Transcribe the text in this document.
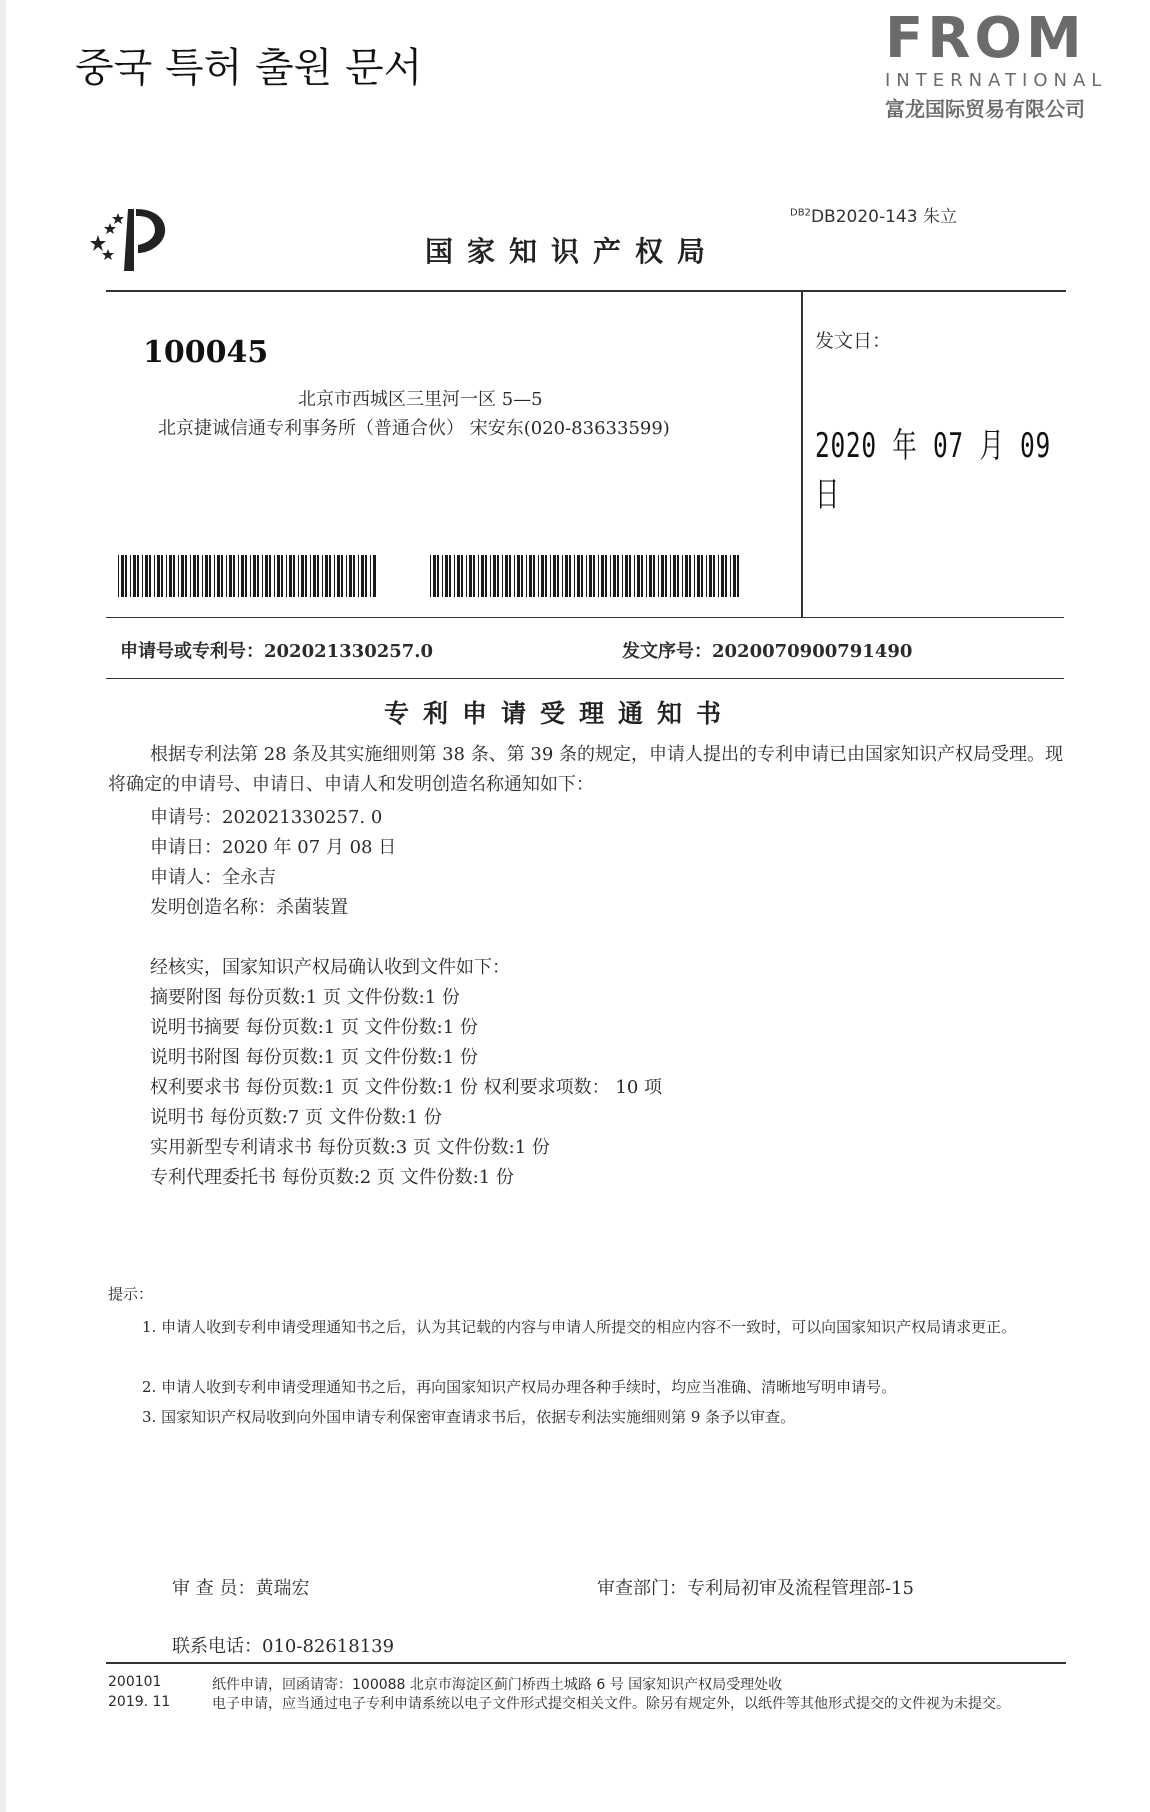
중국 특허 출원 문서	FROM
INTERNATIONAL
富龙国际贸易有限公司
$^{DB2}$DB2020-143 朱立
国家知识产权局
100045
北京市西城区三里河一区 5—5
北京捷诚信通专利事务所（普通合伙） 宋安东(020-83633599)
发文日：
2020 年 07 月 09 日
申请号或专利号：202021330257.0	发文序号：2020070900791490
专利申请受理通知书
根据专利法第 28 条及其实施细则第 38 条、第 39 条的规定，申请人提出的专利申请已由国家知识产权局受理。现将确定的申请号、申请日、申请人和发明创造名称通知如下：
申请号：202021330257. 0
申请日：2020 年 07 月 08 日
申请人：全永吉
发明创造名称：杀菌装置
经核实，国家知识产权局确认收到文件如下：
摘要附图 每份页数:1 页 文件份数:1 份
说明书摘要 每份页数:1 页 文件份数:1 份
说明书附图 每份页数:1 页 文件份数:1 份
权利要求书 每份页数:1 页 文件份数:1 份 权利要求项数： 10 项
说明书 每份页数:7 页 文件份数:1 份
实用新型专利请求书 每份页数:3 页 文件份数:1 份
专利代理委托书 每份页数:2 页 文件份数:1 份
提示：
1. 申请人收到专利申请受理通知书之后，认为其记载的内容与申请人所提交的相应内容不一致时，可以向国家知识产权局请求更正。
2. 申请人收到专利申请受理通知书之后，再向国家知识产权局办理各种手续时，均应当准确、清晰地写明申请号。
3. 国家知识产权局收到向外国申请专利保密审查请求书后，依据专利法实施细则第 9 条予以审查。
审 查 员：黄瑞宏	审查部门：专利局初审及流程管理部-15
联系电话：010-82618139
200101
2019. 11
纸件申请，回函请寄：100088 北京市海淀区蓟门桥西土城路 6 号 国家知识产权局受理处收
电子申请，应当通过电子专利申请系统以电子文件形式提交相关文件。除另有规定外，以纸件等其他形式提交的文件视为未提交。
